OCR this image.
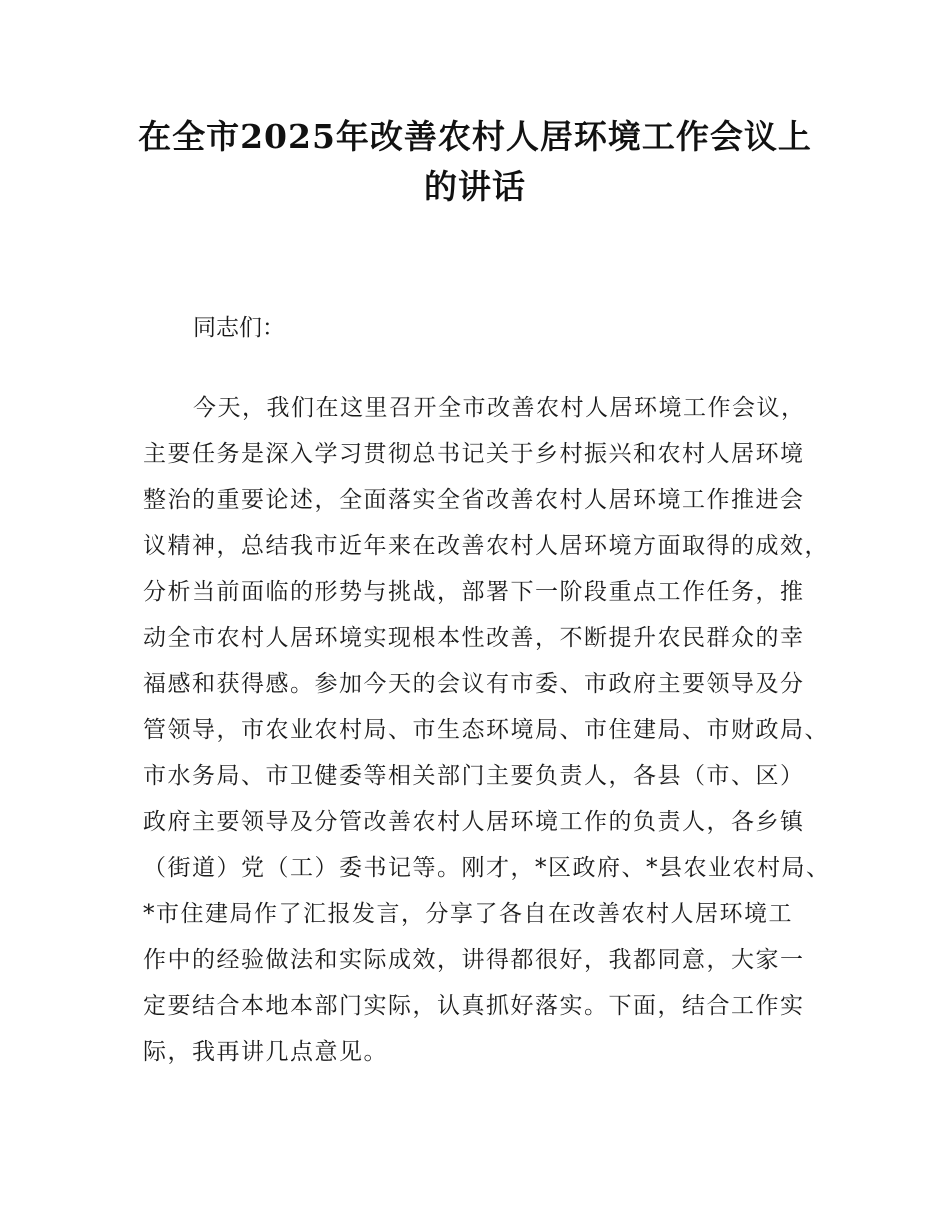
在全市2025年改善农村人居环境工作会议上
的讲话
同志们：
今天，我们在这里召开全市改善农村人居环境工作会议，
主要任务是深入学习贯彻总书记关于乡村振兴和农村人居环境
整治的重要论述，全面落实全省改善农村人居环境工作推进会
议精神，总结我市近年来在改善农村人居环境方面取得的成效，
分析当前面临的形势与挑战，部署下一阶段重点工作任务，推
动全市农村人居环境实现根本性改善，不断提升农民群众的幸
福感和获得感。参加今天的会议有市委、市政府主要领导及分
管领导，市农业农村局、市生态环境局、市住建局、市财政局、
市水务局、市卫健委等相关部门主要负责人，各县（市、区）
政府主要领导及分管改善农村人居环境工作的负责人，各乡镇
（街道）党（工）委书记等。刚才，*区政府、*县农业农村局、
*市住建局作了汇报发言，分享了各自在改善农村人居环境工
作中的经验做法和实际成效，讲得都很好，我都同意，大家一
定要结合本地本部门实际，认真抓好落实。下面，结合工作实
际，我再讲几点意见。
